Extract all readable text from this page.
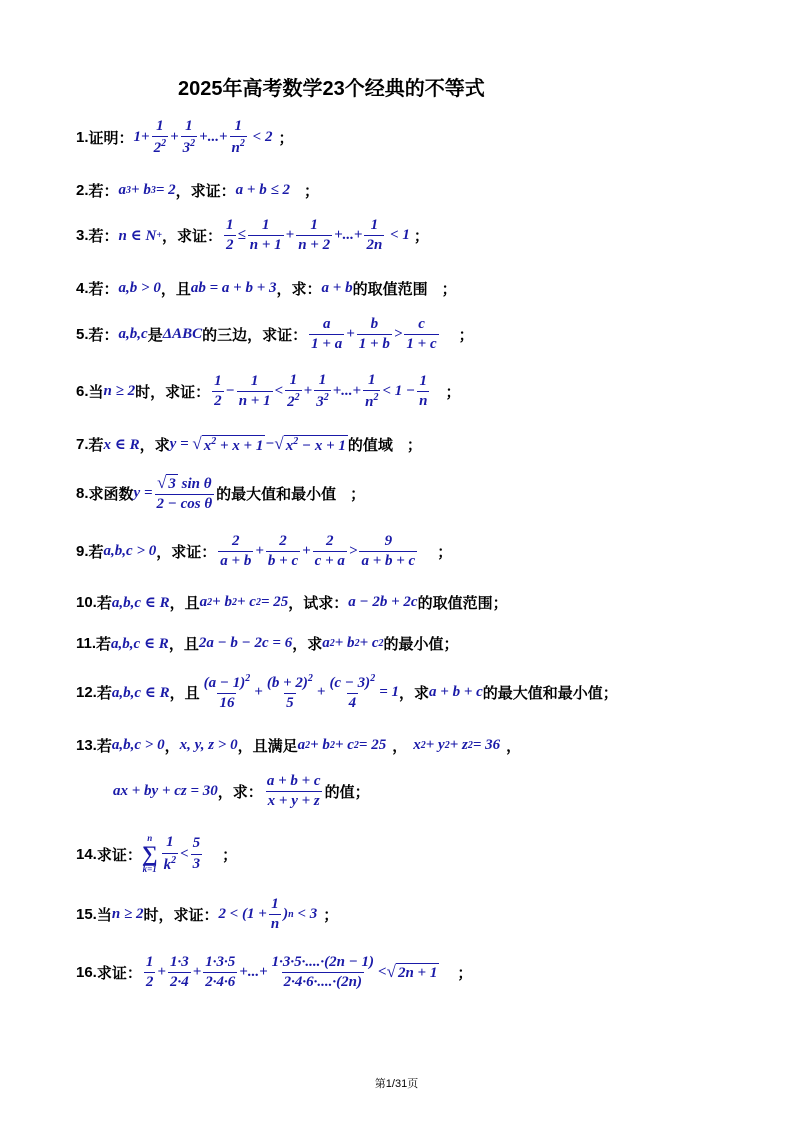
2025年高考数学23个经典的不等式
1. 证明： $1+ \frac{1}{2^2} + \frac{1}{3^2}$ + ... + $\frac{1}{n^2}$
<
2 ；
2. 若： a 3 + b 3 = 2 ，求证： a + b ≤ 2 ；
3. 若： n ∈ N + ，求证： $\frac{1}{2} \le \frac{1}{n + 1} + \frac{1}{n + 2}$ + ... + $\frac{1}{2n}$
<
1 ；
4. 若： a,b > 0 ，且 ab = a + b + 3 ，求： a + b 的取值范围 ；
5. 若： a,b,c 是 ΔABC 的三边 ，求证： $\frac{a}{1 + a} + \frac{b}{1 + b} > \frac{c}{1 + c}$ ；
6. 当 n ≥ 2 时，求证： $\frac{1}{2} - \frac{1}{n + 1} < \frac{1}{2^2} + \frac{1}{3^2}$ + ... + $\frac{1}{n^2}$ <
$1 - \frac{1}{n}$ ；
7. 若 x ∈ R ，求 y =
√ $x^2 + x + 1$ − √ $x^2 - x + 1$ 的值域 ；
8. 求函数 $y = \frac{\text{√ 3 sin θ}}{\text{2 − cos θ}}$ 的最大值和最小值 ；
9. 若 a,b,c > 0 ，求证： $\frac{2}{a + b} + \frac{2}{b + c} + \frac{2}{c + a} > \frac{9}{a + b + c}$ ；
10. 若 a,b,c ∈ R ，且 a 2 + b 2 + c 2 = 25 ，试求： a − 2b + 2c 的取值范围；
11. 若 a,b,c ∈ R ，且 2a − b − 2c = 6 ，求 a 2 + b 2 + c 2 的最小值；
12. 若 a,b,c ∈ R ，且 $\frac{(a - 1)^2}{16} + \frac{(b + 2)^2}{5} + \frac{(c - 3)^2}{4} = 1$ ，求 a + b + c 的最大值和最小值；
13. 若 a,b,c > 0 ， x, y, z > 0 ，且满足 a 2 + b 2 + c 2 = 25 ， x 2 + y 2 + z 2 = 36 ，
ax + by + cz = 30 ，求： $\frac{a + b + c}{x + y + z}$ 的值；
14. 求证：
n
∑
$k=1 \frac{1}{k^2} < \frac{5}{3}$ ；
15. 当 n ≥ 2 时，求证： $2 < (1 + \frac{1}{n}$ ) n < 3 ；
16. 求证： $\frac{1}{2} + \frac{1\cdot 3}{2\cdot 4} + \frac{1\cdot 3\cdot 5}{2\cdot 4\cdot 6}$ + ... + $\frac{1\cdot 3\cdot 5\cdot....\cdot(2n - 1)}{2\cdot 4\cdot 6\cdot....\cdot(2n)}$ < √ 2n + 1 ；
第1/31页
